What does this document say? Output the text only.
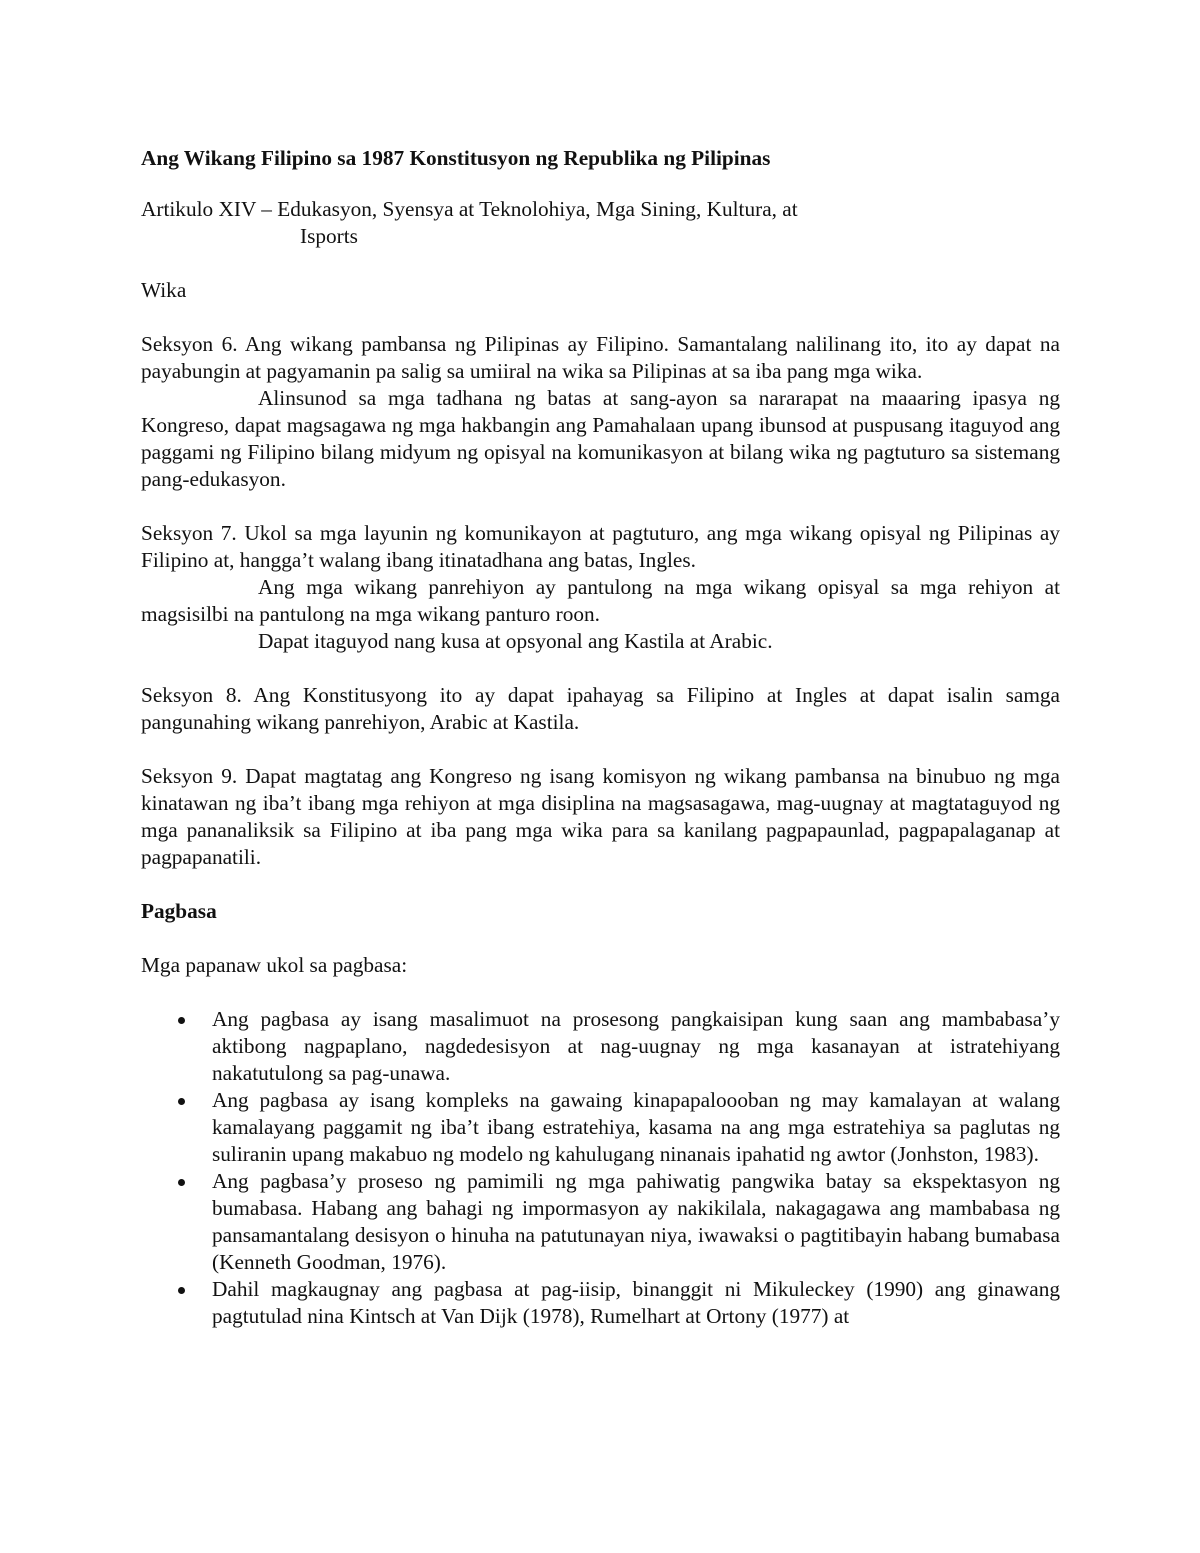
Ang Wikang Filipino sa 1987 Konstitusyon ng Republika ng Pilipinas

Artikulo XIV – Edukasyon, Syensya at Teknolohiya, Mga Sining, Kultura, at
Isports

Wika

Seksyon 6. Ang wikang pambansa ng Pilipinas ay Filipino. Samantalang nalilinang ito, ito ay dapat na payabungin at pagyamanin pa salig sa umiiral na wika sa Pilipinas at sa iba pang mga wika.

Alinsunod sa mga tadhana ng batas at sang-ayon sa nararapat na maaaring ipasya ng Kongreso, dapat magsagawa ng mga hakbangin ang Pamahalaan upang ibunsod at puspusang itaguyod ang paggami ng Filipino bilang midyum ng opisyal na komunikasyon at bilang wika ng pagtuturo sa sistemang pang-edukasyon.

Seksyon 7. Ukol sa mga layunin ng komunikayon at pagtuturo, ang mga wikang opisyal ng Pilipinas ay Filipino at, hangga’t walang ibang itinatadhana ang batas, Ingles.

Ang mga wikang panrehiyon ay pantulong na mga wikang opisyal sa mga rehiyon at magsisilbi na pantulong na mga wikang panturo roon.

Dapat itaguyod nang kusa at opsyonal ang Kastila at Arabic.

Seksyon 8. Ang Konstitusyong ito ay dapat ipahayag sa Filipino at Ingles at dapat isalin samga pangunahing wikang panrehiyon, Arabic at Kastila.

Seksyon 9. Dapat magtatag ang Kongreso ng isang komisyon ng wikang pambansa na binubuo ng mga kinatawan ng iba’t ibang mga rehiyon at mga disiplina na magsasagawa, mag-uugnay at magtataguyod ng mga pananaliksik sa Filipino at iba pang mga wika para sa kanilang pagpapaunlad, pagpapalaganap at pagpapanatili.

Pagbasa

Mga papanaw ukol sa pagbasa:

Ang pagbasa ay isang masalimuot na prosesong pangkaisipan kung saan ang mambabasa’y aktibong nagpaplano, nagdedesisyon at nag-uugnay ng mga kasanayan at istratehiyang nakatutulong sa pag-unawa.
Ang pagbasa ay isang kompleks na gawaing kinapapaloooban ng may kamalayan at walang kamalayang paggamit ng iba’t ibang estratehiya, kasama na ang mga estratehiya sa paglutas ng suliranin upang makabuo ng modelo ng kahulugang ninanais ipahatid ng awtor (Jonhston, 1983).
Ang pagbasa’y proseso ng pamimili ng mga pahiwatig pangwika batay sa ekspektasyon ng bumabasa. Habang ang bahagi ng impormasyon ay nakikilala, nakagagawa ang mambabasa ng pansamantalang desisyon o hinuha na patutunayan niya, iwawaksi o pagtitibayin habang bumabasa (Kenneth Goodman, 1976).
Dahil magkaugnay ang pagbasa at pag-iisip, binanggit ni Mikuleckey (1990) ang ginawang pagtutulad nina Kintsch at Van Dijk (1978), Rumelhart at Ortony (1977) at
